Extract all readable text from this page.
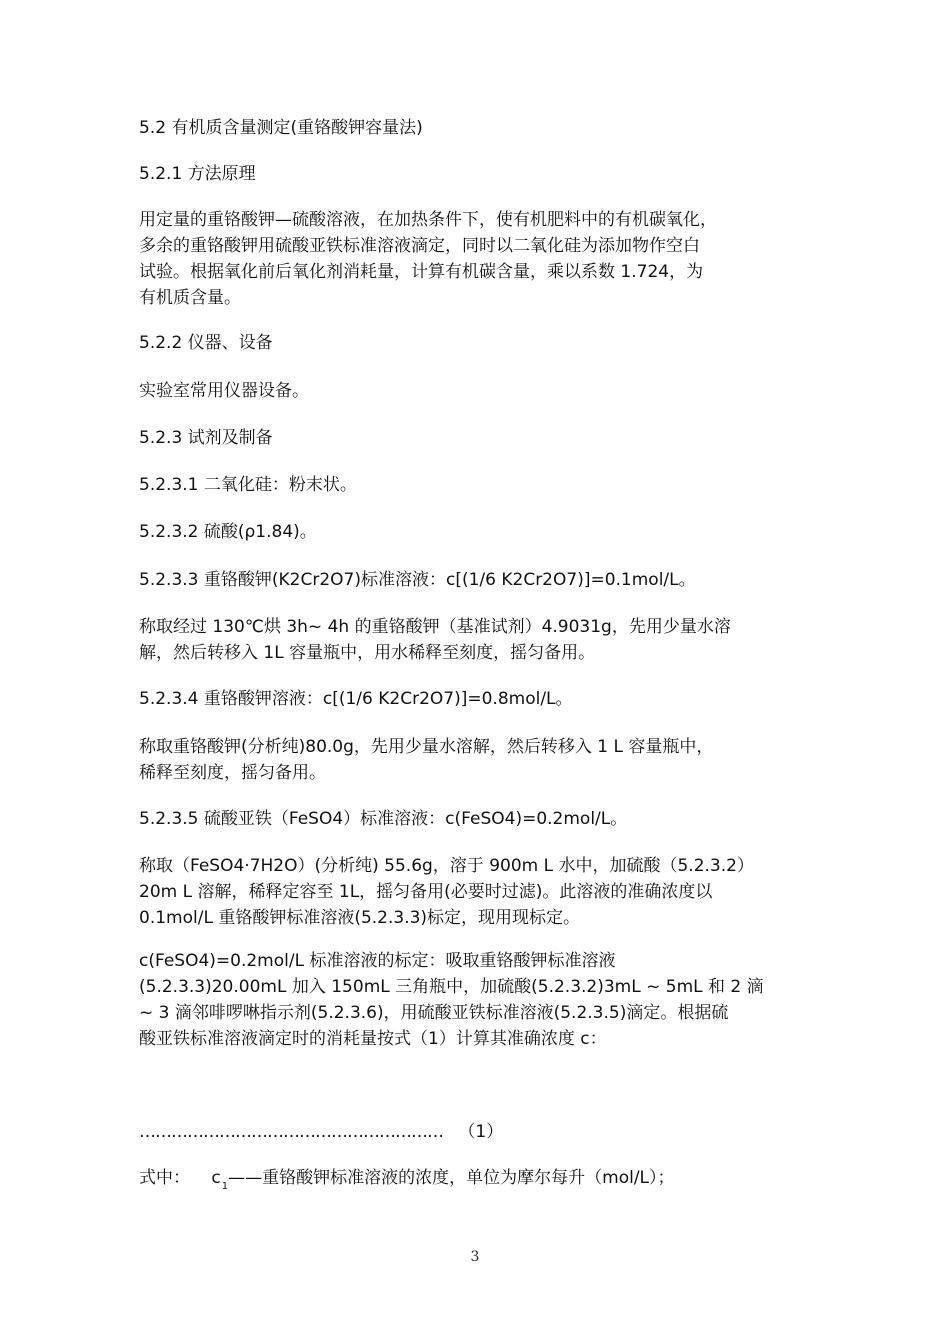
5.2 有机质含量测定(重铬酸钾容量法)

5.2.1 方法原理

用定量的重铬酸钾—硫酸溶液，在加热条件下，使有机肥料中的有机碳氧化，
多余的重铬酸钾用硫酸亚铁标准溶液滴定，同时以二氧化硅为添加物作空白
试验。根据氧化前后氧化剂消耗量，计算有机碳含量，乘以系数 1.724，为
有机质含量。

5.2.2 仪器、设备

实验室常用仪器设备。

5.2.3 试剂及制备

5.2.3.1 二氧化硅：粉末状。

5.2.3.2 硫酸(ρ1.84)。

5.2.3.3 重铬酸钾(K2Cr2O7)标准溶液：c[(1/6 K2Cr2O7)]=0.1mol/L。

称取经过 130℃烘 3h~ 4h 的重铬酸钾（基准试剂）4.9031g，先用少量水溶
解，然后转移入 1L 容量瓶中，用水稀释至刻度，摇匀备用。

5.2.3.4 重铬酸钾溶液：c[(1/6 K2Cr2O7)]=0.8mol/L。

称取重铬酸钾(分析纯)80.0g，先用少量水溶解，然后转移入 1 L 容量瓶中，
稀释至刻度，摇匀备用。

5.2.3.5 硫酸亚铁（FeSO4）标准溶液：c(FeSO4)=0.2mol/L。

称取（FeSO4·7H2O）(分析纯) 55.6g，溶于 900m L 水中，加硫酸（5.2.3.2）
20m L 溶解，稀释定容至 1L，摇匀备用(必要时过滤)。此溶液的准确浓度以
0.1mol/L 重铬酸钾标准溶液(5.2.3.3)标定，现用现标定。

c(FeSO4)=0.2mol/L 标准溶液的标定：吸取重铬酸钾标准溶液
(5.2.3.3)20.00mL 加入 150mL 三角瓶中，加硫酸(5.2.3.2)3mL ~ 5mL 和 2 滴
~ 3 滴邻啡啰啉指示剂(5.2.3.6)，用硫酸亚铁标准溶液(5.2.3.5)滴定。根据硫
酸亚铁标准溶液滴定时的消耗量按式（1）计算其准确浓度 c：

………………………………………………… （1）

式中： $c_1——$重铬酸钾标准溶液的浓度，单位为摩尔每升（mol/L）；

3
